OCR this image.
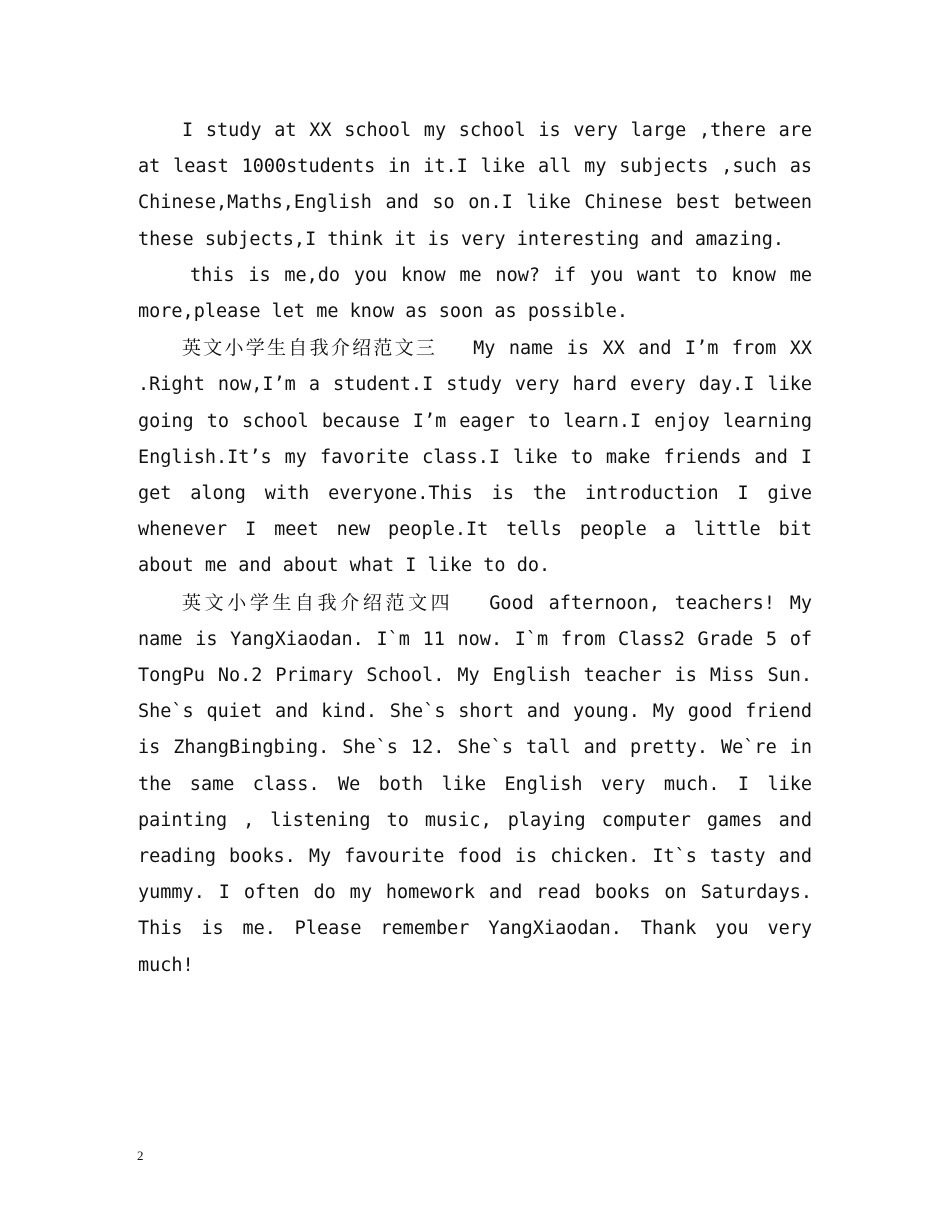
I study at XX school my school is very large ,there are at least 1000students in it.I like all my subjects ,such as Chinese,Maths,English and so on.I like Chinese best between these subjects,I think it is very interesting and amazing.

this is me,do you know me now? if you want to know me more,please let me know as soon as possible.

英文小学生自我介绍范文三 My name is XX and I’m from XX .Right now,I’m a student.I study very hard every day.I like going to school because I’m eager to learn.I enjoy learning English.It’s my favorite class.I like to make friends and I get along with everyone.This is the introduction I give whenever I meet new people.It tells people a little bit about me and about what I like to do.

英文小学生自我介绍范文四 Good afternoon, teachers! My name is YangXiaodan. I`m 11 now. I`m from Class2 Grade 5 of TongPu No.2 Primary School. My English teacher is Miss Sun. She`s quiet and kind. She`s short and young. My good friend is ZhangBingbing. She`s 12. She`s tall and pretty. We`re in the same class. We both like English very much. I like painting , listening to music, playing computer games and reading books. My favourite food is chicken. It`s tasty and yummy. I often do my homework and read books on Saturdays. This is me. Please remember YangXiaodan. Thank you very much!

2
